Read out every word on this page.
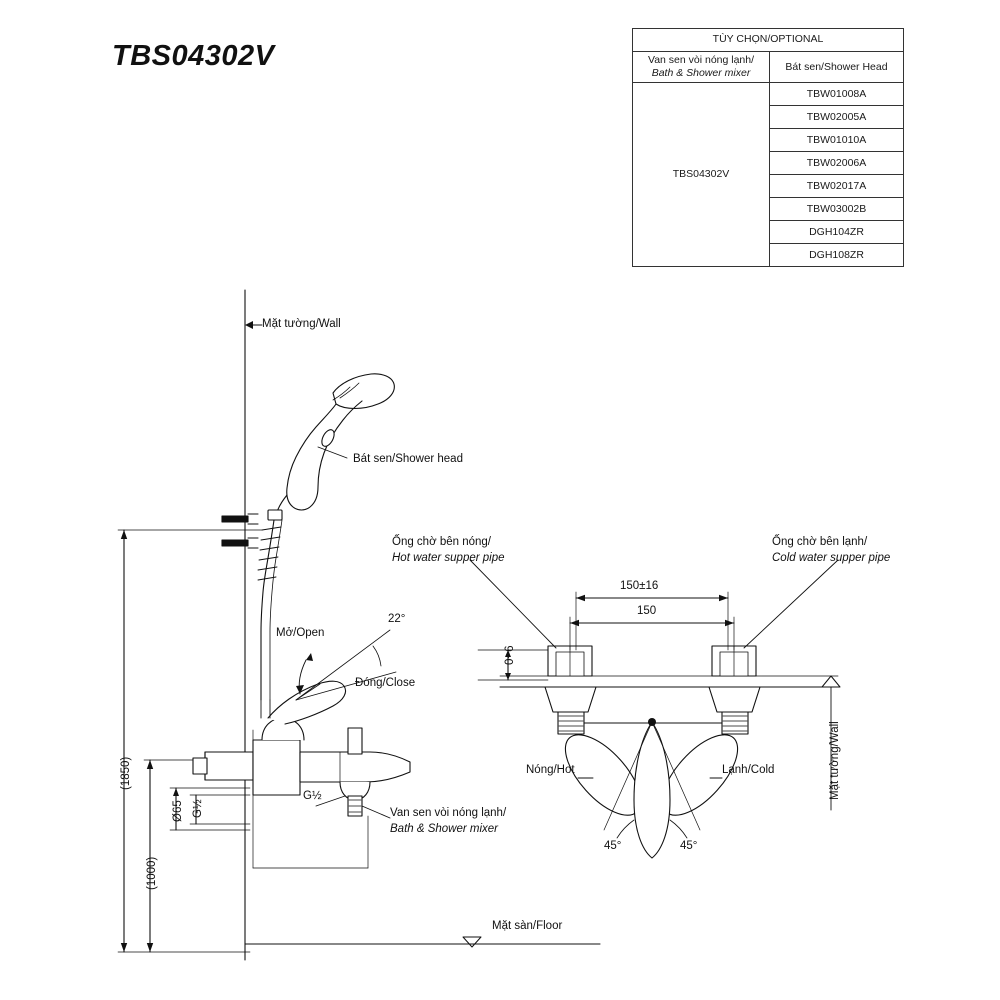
TBS04302V
TÙY CHỌN/OPTIONAL	
Van sen vòi nóng lạnh/
Bath & Shower mixer	Bát sen/Shower Head
TBS04302V	TBW01008A
	TBW02005A
	TBW01010A
	TBW02006A
	TBW02017A
	TBW03002B
	DGH104ZR
	DGH108ZR
Mặt tường/Wall
Bát sen/Shower head
Ống chờ bên nóng/
Hot water supper pipe
Ống chờ bên lạnh/
Cold water supper pipe
Mở/Open
Đóng/Close
Van sen vòi nóng lạnh/
Bath & Shower mixer
Nóng/Hot	Lạnh/Cold	Mặt tường/Wall
Mặt sàn/Floor
(1850)
(1000)
Ø65 G½
G½
150±16
150
0~6
22°
45°	45°
